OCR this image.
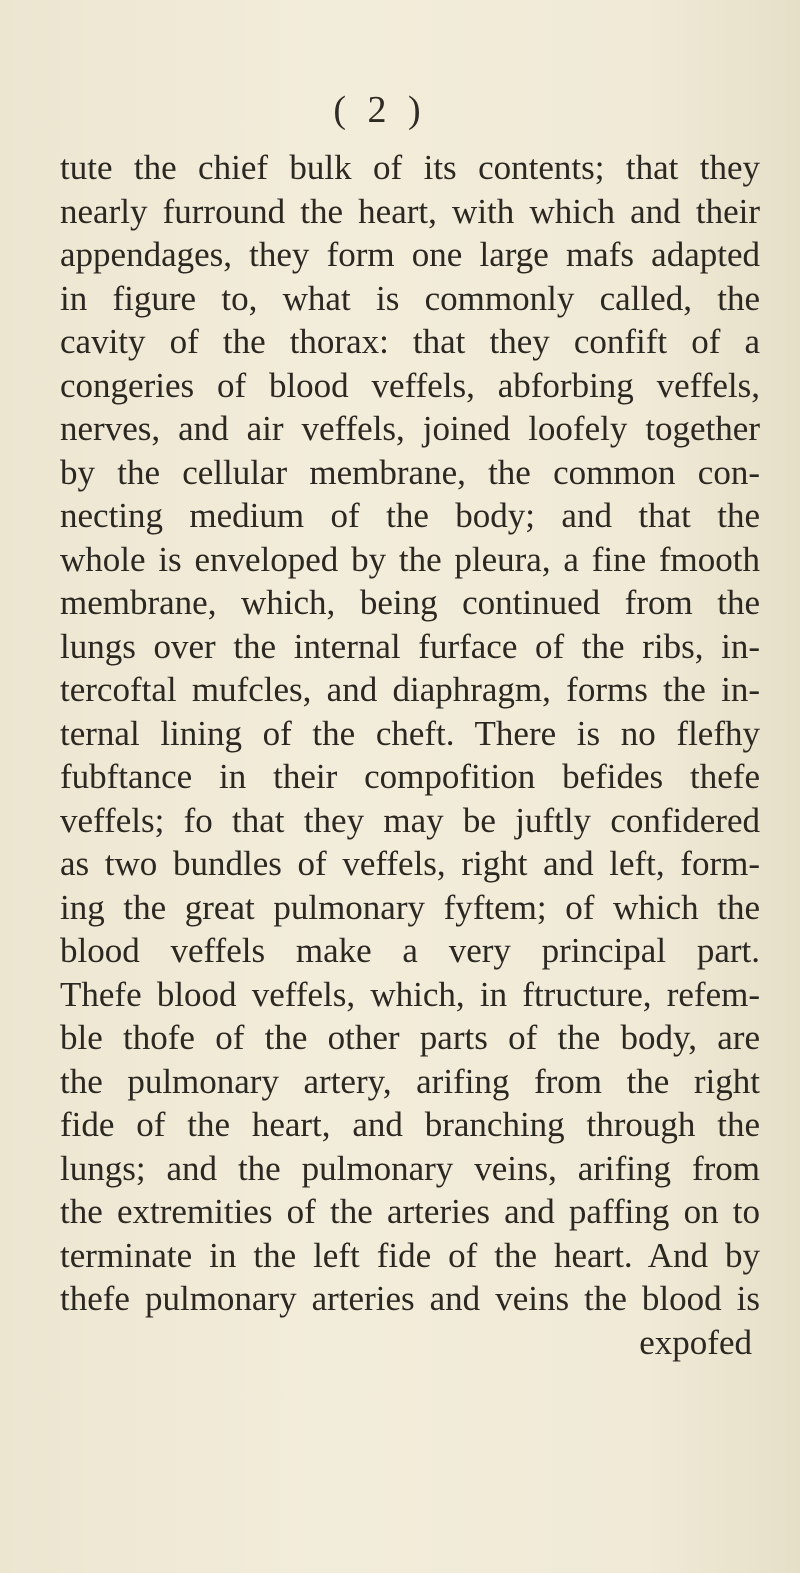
( 2 )
tute the chief bulk of its contents; that they
nearly furround the heart, with which and their
appendages, they form one large mafs adapted
in figure to, what is commonly called, the
cavity of the thorax: that they confift of a
congeries of blood veffels, abforbing veffels,
nerves, and air veffels, joined loofely together
by the cellular membrane, the common con-
necting medium of the body; and that the
whole is enveloped by the pleura, a fine fmooth
membrane, which, being continued from the
lungs over the internal furface of the ribs, in-
tercoftal mufcles, and diaphragm, forms the in-
ternal lining of the cheft. There is no flefhy
fubftance in their compofition befides thefe
veffels; fo that they may be juftly confidered
as two bundles of veffels, right and left, form-
ing the great pulmonary fyftem; of which the
blood veffels make a very principal part.
Thefe blood veffels, which, in ftructure, refem-
ble thofe of the other parts of the body, are
the pulmonary artery, arifing from the right
fide of the heart, and branching through the
lungs; and the pulmonary veins, arifing from
the extremities of the arteries and paffing on to
terminate in the left fide of the heart. And by
thefe pulmonary arteries and veins the blood is
expofed
